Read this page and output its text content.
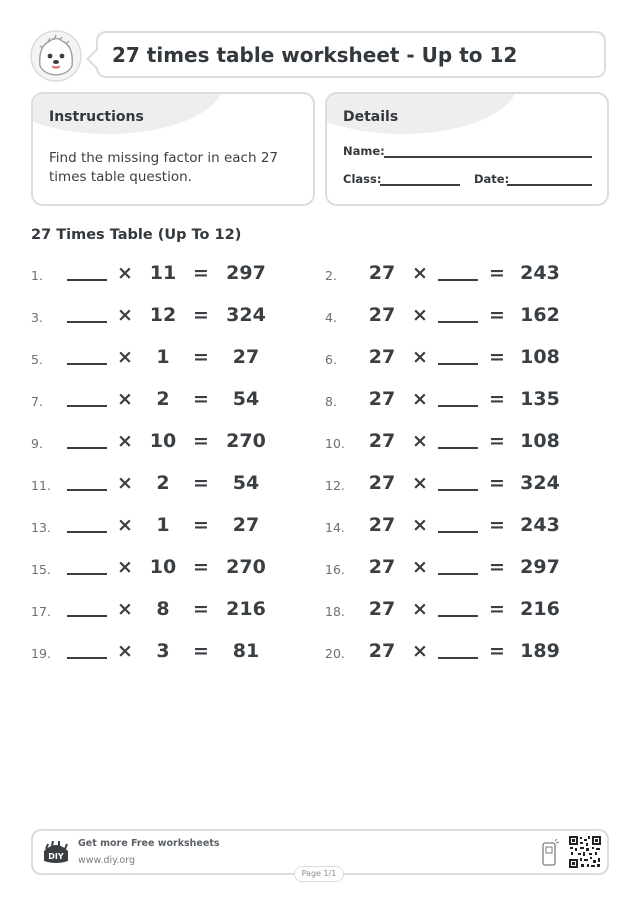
27 times table worksheet - Up to 12
Instructions
Find the missing factor in each 27 times table question.
Details
Name:
Class:	Date:
27 Times Table (Up To 12)
1.	× 11 = 297
3.	× 12 = 324
5.	×	1	=	27
7.	×	2	=	54
9.	× 10 = 270
11.	×	2	=	54
13.	×	1	=	27
15.	× 10 = 270
17.	×	8	= 216
19.	×	3	=	81
2.	27 ×	= 243
4.	27 ×	= 162
6.	27 ×	= 108
8.	27 ×	= 135
10.	27 ×	= 108
12.	27 ×	= 324
14.	27 ×	= 243
16.	27 ×	= 297
18.	27 ×	= 216
20.	27 ×	= 189
DIY
Get more Free worksheets
www.diy.org
Page 1/1
